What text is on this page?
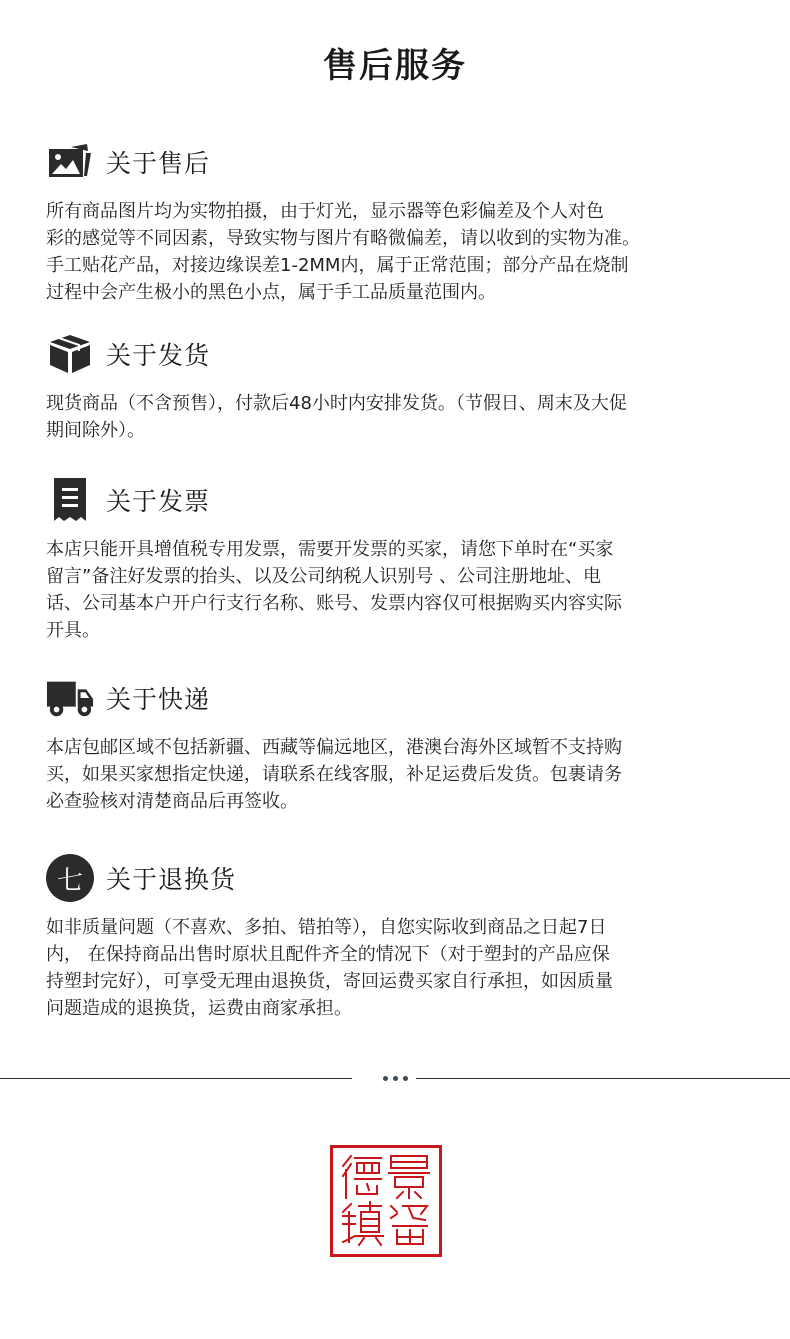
售后服务
关于售后

所有商品图片均为实物拍摄，由于灯光，显示器等色彩偏差及个人对色
彩的感觉等不同因素，导致实物与图片有略微偏差，请以收到的实物为准。
手工贴花产品，对接边缘误差1-2MM内，属于正常范围；部分产品在烧制
过程中会产生极小的黑色小点，属于手工品质量范围内。

关于发货

现货商品（不含预售），付款后48小时内安排发货。（节假日、周末及大促
期间除外）。

关于发票

本店只能开具增值税专用发票，需要开发票的买家，请您下单时在“买家
留言”备注好发票的抬头、以及公司纳税人识别号 、公司注册地址、电
话、公司基本户开户行支行名称、账号、发票内容仅可根据购买内容实际
开具。

关于快递

本店包邮区域不包括新疆、西藏等偏远地区，港澳台海外区域暂不支持购
买，如果买家想指定快递，请联系在线客服，补足运费后发货。包裹请务
必查验核对清楚商品后再签收。

七 关于退换货

如非质量问题（不喜欢、多拍、错拍等），自您实际收到商品之日起7日
内， 在保持商品出售时原状且配件齐全的情况下（对于塑封的产品应保
持塑封完好），可享受无理由退换货，寄回运费买家自行承担，如因质量
问题造成的退换货，运费由商家承担。
